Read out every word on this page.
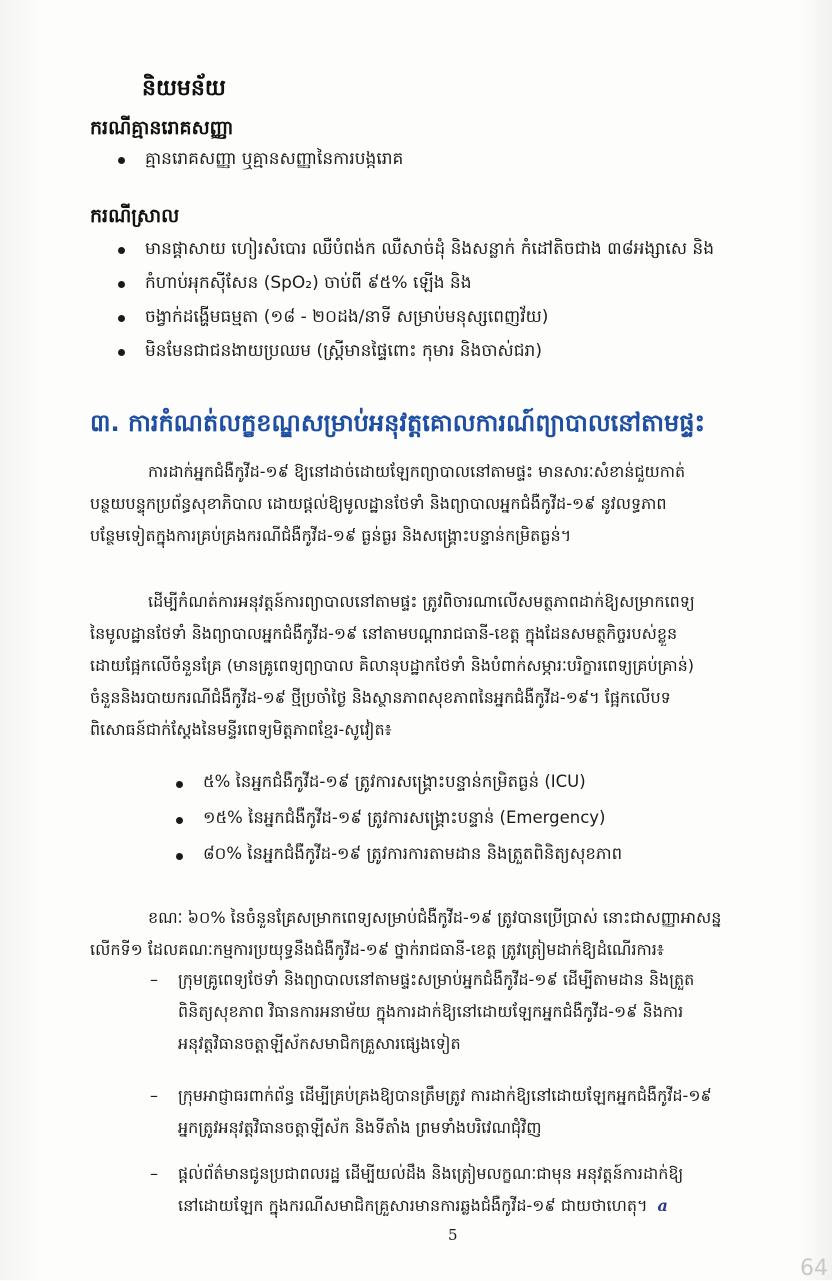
និយមន័យ
ករណីគ្មានរោគសញ្ញា
គ្មានរោគសញ្ញា ឬគ្មានសញ្ញានៃការបង្ករោគ
ករណីស្រាល
មានផ្តាសាយ ហៀរសំបោរ ឈឺបំពង់ក ឈឺសាច់ដុំ និងសន្លាក់ កំដៅតិចជាង ៣៨អង្សាសេ និង
កំហាប់អុកស៊ីសែន (SpO₂) ចាប់ពី ៩៥% ឡើង និង
ចង្វាក់ដង្ហើមធម្មតា (១៨ - ២០ដង/នាទី សម្រាប់មនុស្សពេញវ័យ)
មិនមែនជាជនងាយប្រឈម (ស្ត្រីមានផ្ទៃពោះ កុមារ និងចាស់ជរា)
៣. ការកំណត់លក្ខខណ្ឌសម្រាប់អនុវត្តគោលការណ៍ព្យាបាលនៅតាមផ្ទះ
ការដាក់អ្នកជំងឺកូវីដ-១៩ ឱ្យនៅដាច់ដោយឡែកព្យាបាលនៅតាមផ្ទះ មានសារៈសំខាន់ជួយកាត់
បន្ថយបន្ទុកប្រព័ន្ធសុខាភិបាល ដោយផ្តល់ឱ្យមូលដ្ឋានថែទាំ និងព្យាបាលអ្នកជំងឺកូវីដ-១៩ នូវលទ្ធភាព
បន្ថែមទៀតក្នុងការគ្រប់គ្រងករណីជំងឺកូវីដ-១៩ ធ្ងន់ធ្ងរ និងសង្គ្រោះបន្ទាន់កម្រិតធ្ងន់។
ដើម្បីកំណត់ការអនុវត្តន៍ការព្យាបាលនៅតាមផ្ទះ ត្រូវពិចារណាលើសមត្ថភាពដាក់ឱ្យសម្រាកពេទ្យ
នៃមូលដ្ឋានថែទាំ និងព្យាបាលអ្នកជំងឺកូវីដ-១៩ នៅតាមបណ្តារាជធានី-ខេត្ត ក្នុងដែនសមត្ថកិច្ចរបស់ខ្លួន
ដោយផ្អែកលើចំនួនគ្រែ (មានគ្រូពេទ្យព្យាបាល គិលានុបដ្ឋាកថែទាំ និងបំពាក់សម្ភារៈបរិក្ខារពេទ្យគ្រប់គ្រាន់)
ចំនួននិងរបាយករណីជំងឺកូវីដ-១៩ ថ្មីប្រចាំថ្ងៃ និងស្ថានភាពសុខភាពនៃអ្នកជំងឺកូវីដ-១៩។ ផ្អែកលើបទ
ពិសោធន៍ជាក់ស្តែងនៃមន្ទីរពេទ្យមិត្តភាពខ្មែរ-សូវៀត៖
៥% នៃអ្នកជំងឺកូវីដ-១៩ ត្រូវការសង្គ្រោះបន្ទាន់កម្រិតធ្ងន់ (ICU)
១៥% នៃអ្នកជំងឺកូវីដ-១៩ ត្រូវការសង្គ្រោះបន្ទាន់ (Emergency)
៨០% នៃអ្នកជំងឺកូវីដ-១៩ ត្រូវការការតាមដាន និងត្រួតពិនិត្យសុខភាព
ខណៈ ៦០% នៃចំនួនគ្រែសម្រាកពេទ្យសម្រាប់ជំងឺកូវីដ-១៩ ត្រូវបានប្រើប្រាស់ នោះជាសញ្ញាអាសន្ន
លើកទី១ ដែលគណៈកម្មការប្រយុទ្ធនឹងជំងឺកូវីដ-១៩ ថ្នាក់រាជធានី-ខេត្ត ត្រូវត្រៀមដាក់ឱ្យដំណើរការ៖
–	ក្រុមគ្រូពេទ្យថែទាំ និងព្យាបាលនៅតាមផ្ទះសម្រាប់អ្នកជំងឺកូវីដ-១៩ ដើម្បីតាមដាន និងត្រួត
ពិនិត្យសុខភាព វិធានការអនាម័យ ក្នុងការដាក់ឱ្យនៅដោយឡែកអ្នកជំងឺកូវីដ-១៩ និងការ
អនុវត្តវិធានចត្តាឡីស័កសមាជិកគ្រួសារផ្សេងទៀត
–	ក្រុមអាជ្ញាធរពាក់ព័ន្ធ ដើម្បីគ្រប់គ្រងឱ្យបានត្រឹមត្រូវ ការដាក់ឱ្យនៅដោយឡែកអ្នកជំងឺកូវីដ-១៩
អ្នកត្រូវអនុវត្តវិធានចត្តាឡីស័ក និងទីតាំង ព្រមទាំងបរិវេណជុំវិញ
–	ផ្តល់ព័ត៌មានជូនប្រជាពលរដ្ឋ ដើម្បីយល់ដឹង និងត្រៀមលក្ខណៈជាមុន អនុវត្តន៍ការដាក់ឱ្យ
នៅដោយឡែក ក្នុងករណីសមាជិកគ្រួសារមានការឆ្លងជំងឺកូវីដ-១៩ ជាយថាហេតុ។ a
5
64
